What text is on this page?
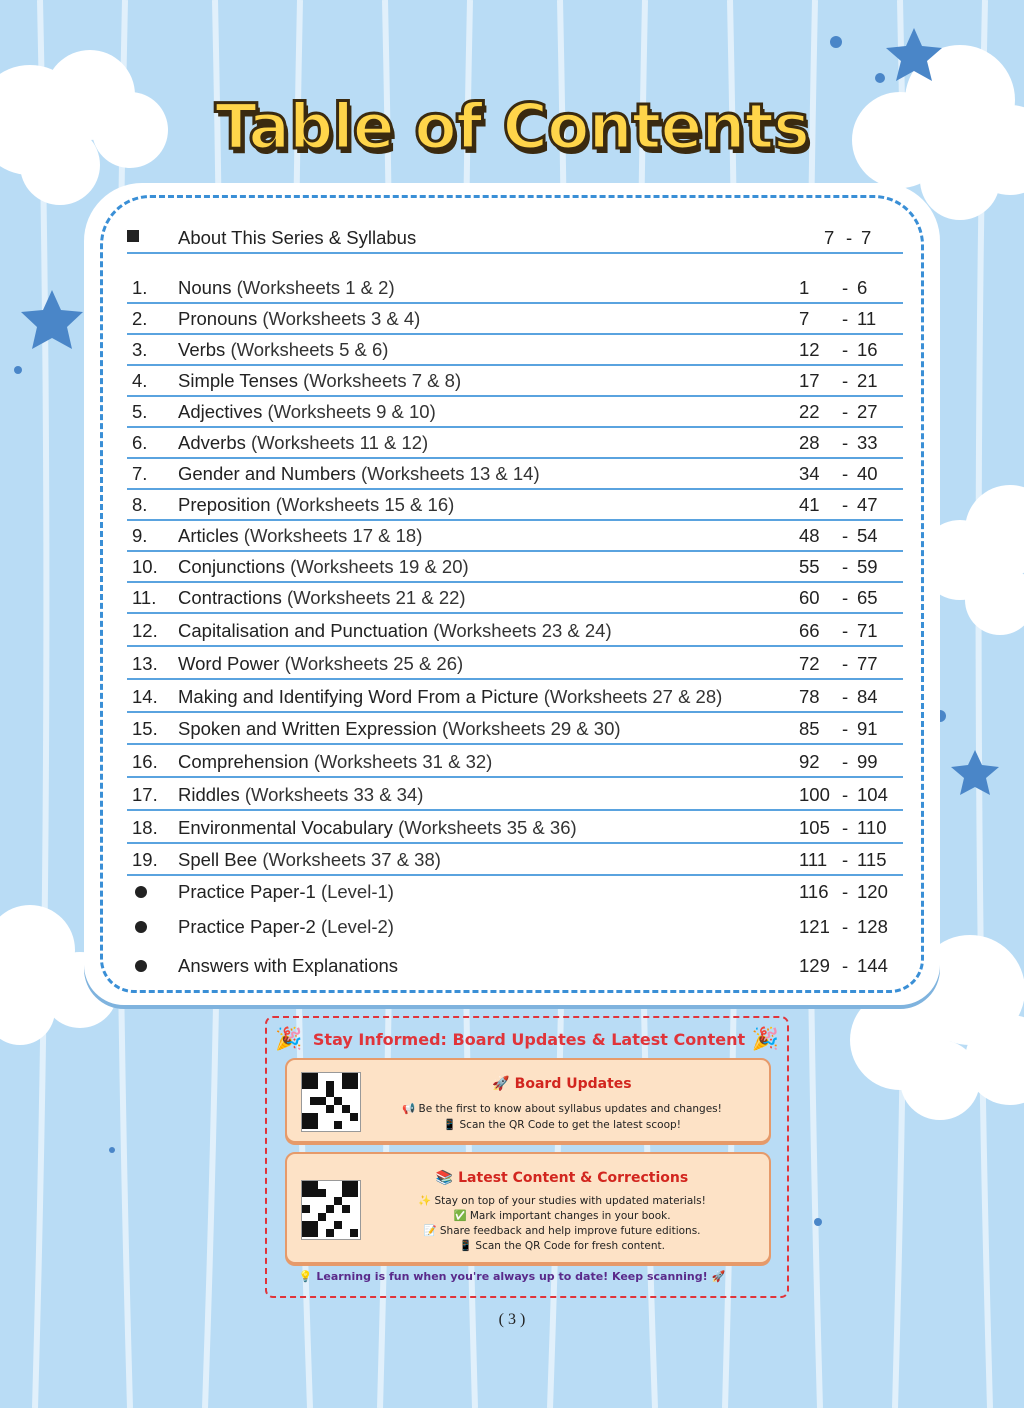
Table of Contents
About This Series & Syllabus	7 - 7
1. Nouns (Worksheets 1 & 2)	1 - 6
2. Pronouns (Worksheets 3 & 4)	7 - 11
3. Verbs (Worksheets 5 & 6)	12 - 16
4. Simple Tenses (Worksheets 7 & 8)	17 - 21
5. Adjectives (Worksheets 9 & 10)	22 - 27
6. Adverbs (Worksheets 11 & 12)	28 - 33
7. Gender and Numbers (Worksheets 13 & 14)	34 - 40
8. Preposition (Worksheets 15 & 16)	41 - 47
9. Articles (Worksheets 17 & 18)	48 - 54
10. Conjunctions (Worksheets 19 & 20)	55 - 59
11. Contractions (Worksheets 21 & 22)	60 - 65
12. Capitalisation and Punctuation (Worksheets 23 & 24)	66 - 71
13. Word Power (Worksheets 25 & 26)	72 - 77
14. Making and Identifying Word From a Picture (Worksheets 27 & 28)	78 - 84
15. Spoken and Written Expression (Worksheets 29 & 30)	85 - 91
16. Comprehension (Worksheets 31 & 32)	92 - 99
17. Riddles (Worksheets 33 & 34)	100 - 104
18. Environmental Vocabulary (Worksheets 35 & 36)	105 - 110
19. Spell Bee (Worksheets 37 & 38)	111 - 115
Practice Paper-1 (Level-1)	116 - 120
Practice Paper-2 (Level-2)	121 - 128
Answers with Explanations	129 - 144
🎉 Stay Informed: Board Updates & Latest Content 🎉
🚀 Board Updates
📢 Be the first to know about syllabus updates and changes!
📱 Scan the QR Code to get the latest scoop!
📚 Latest Content & Corrections
✨ Stay on top of your studies with updated materials!
✅ Mark important changes in your book.
📝 Share feedback and help improve future editions.
📱 Scan the QR Code for fresh content.
💡 Learning is fun when you're always up to date! Keep scanning! 🚀
( 3 )
